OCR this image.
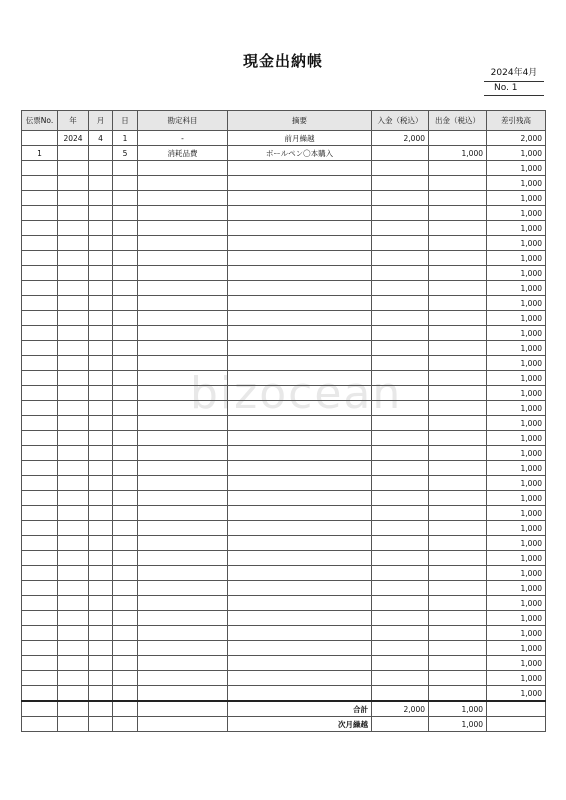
現金出納帳
2024年4月
No. 1
bizocean
伝票No.	年	月	日	勘定科目	摘要	入金（税込）	出金（税込）	差引残高
	2024	4	1	-	前月繰越	2,000		2,000
1			5	消耗品費	ボールペン〇本購入		1,000	1,000
								1,000
								1,000
								1,000
								1,000
								1,000
								1,000
								1,000
								1,000
								1,000
								1,000
								1,000
								1,000
								1,000
								1,000
								1,000
								1,000
								1,000
								1,000
								1,000
								1,000
								1,000
								1,000
								1,000
								1,000
								1,000
								1,000
								1,000
								1,000
								1,000
								1,000
								1,000
								1,000
								1,000
								1,000
								1,000
								1,000
					合計	2,000	1,000	
					次月繰越		1,000	
